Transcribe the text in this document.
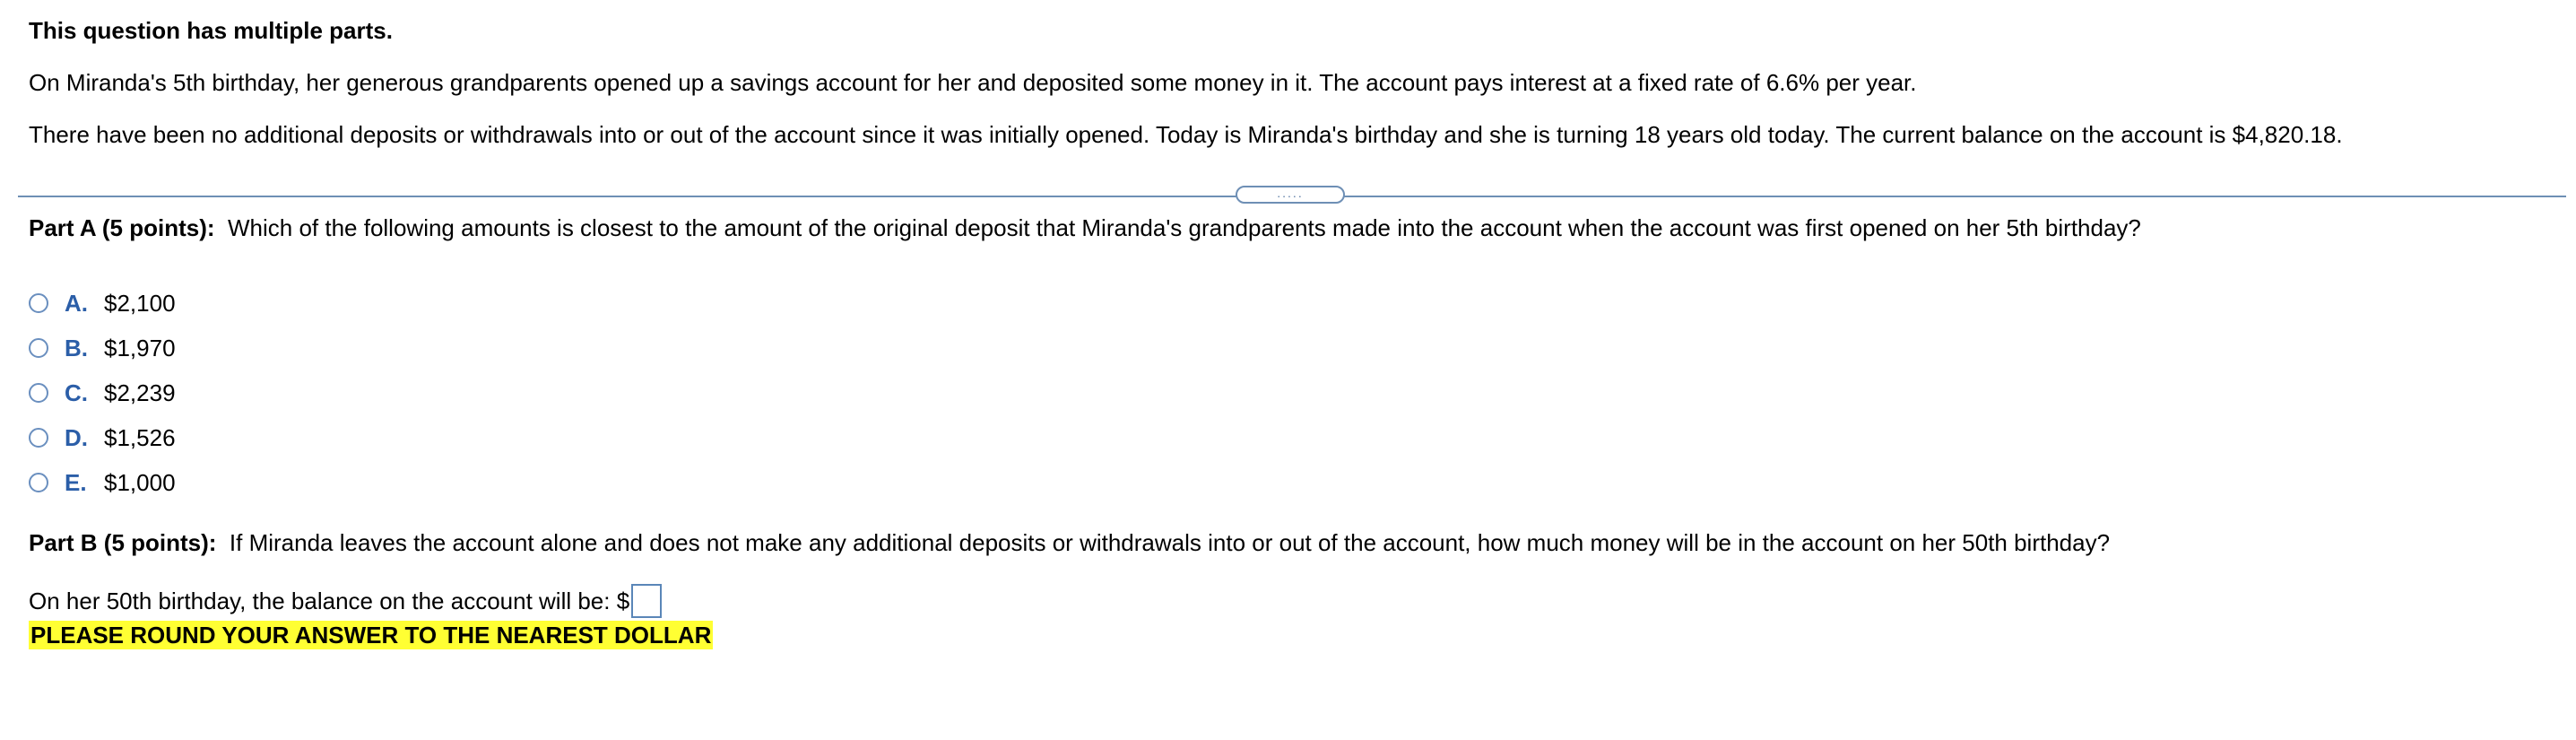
This question has multiple parts.
On Miranda's 5th birthday, her generous grandparents opened up a savings account for her and deposited some money in it. The account pays interest at a fixed rate of 6.6% per year.
There have been no additional deposits or withdrawals into or out of the account since it was initially opened. Today is Miranda's birthday and she is turning 18 years old today. The current balance on the account is $4,820.18.
.....
Part A (5 points): Which of the following amounts is closest to the amount of the original deposit that Miranda's grandparents made into the account when the account was first opened on her 5th birthday?
A. $2,100
B. $1,970
C. $2,239
D. $1,526
E. $1,000
Part B (5 points): If Miranda leaves the account alone and does not make any additional deposits or withdrawals into or out of the account, how much money will be in the account on her 50th birthday?
On her 50th birthday, the balance on the account will be: $
PLEASE ROUND YOUR ANSWER TO THE NEAREST DOLLAR
